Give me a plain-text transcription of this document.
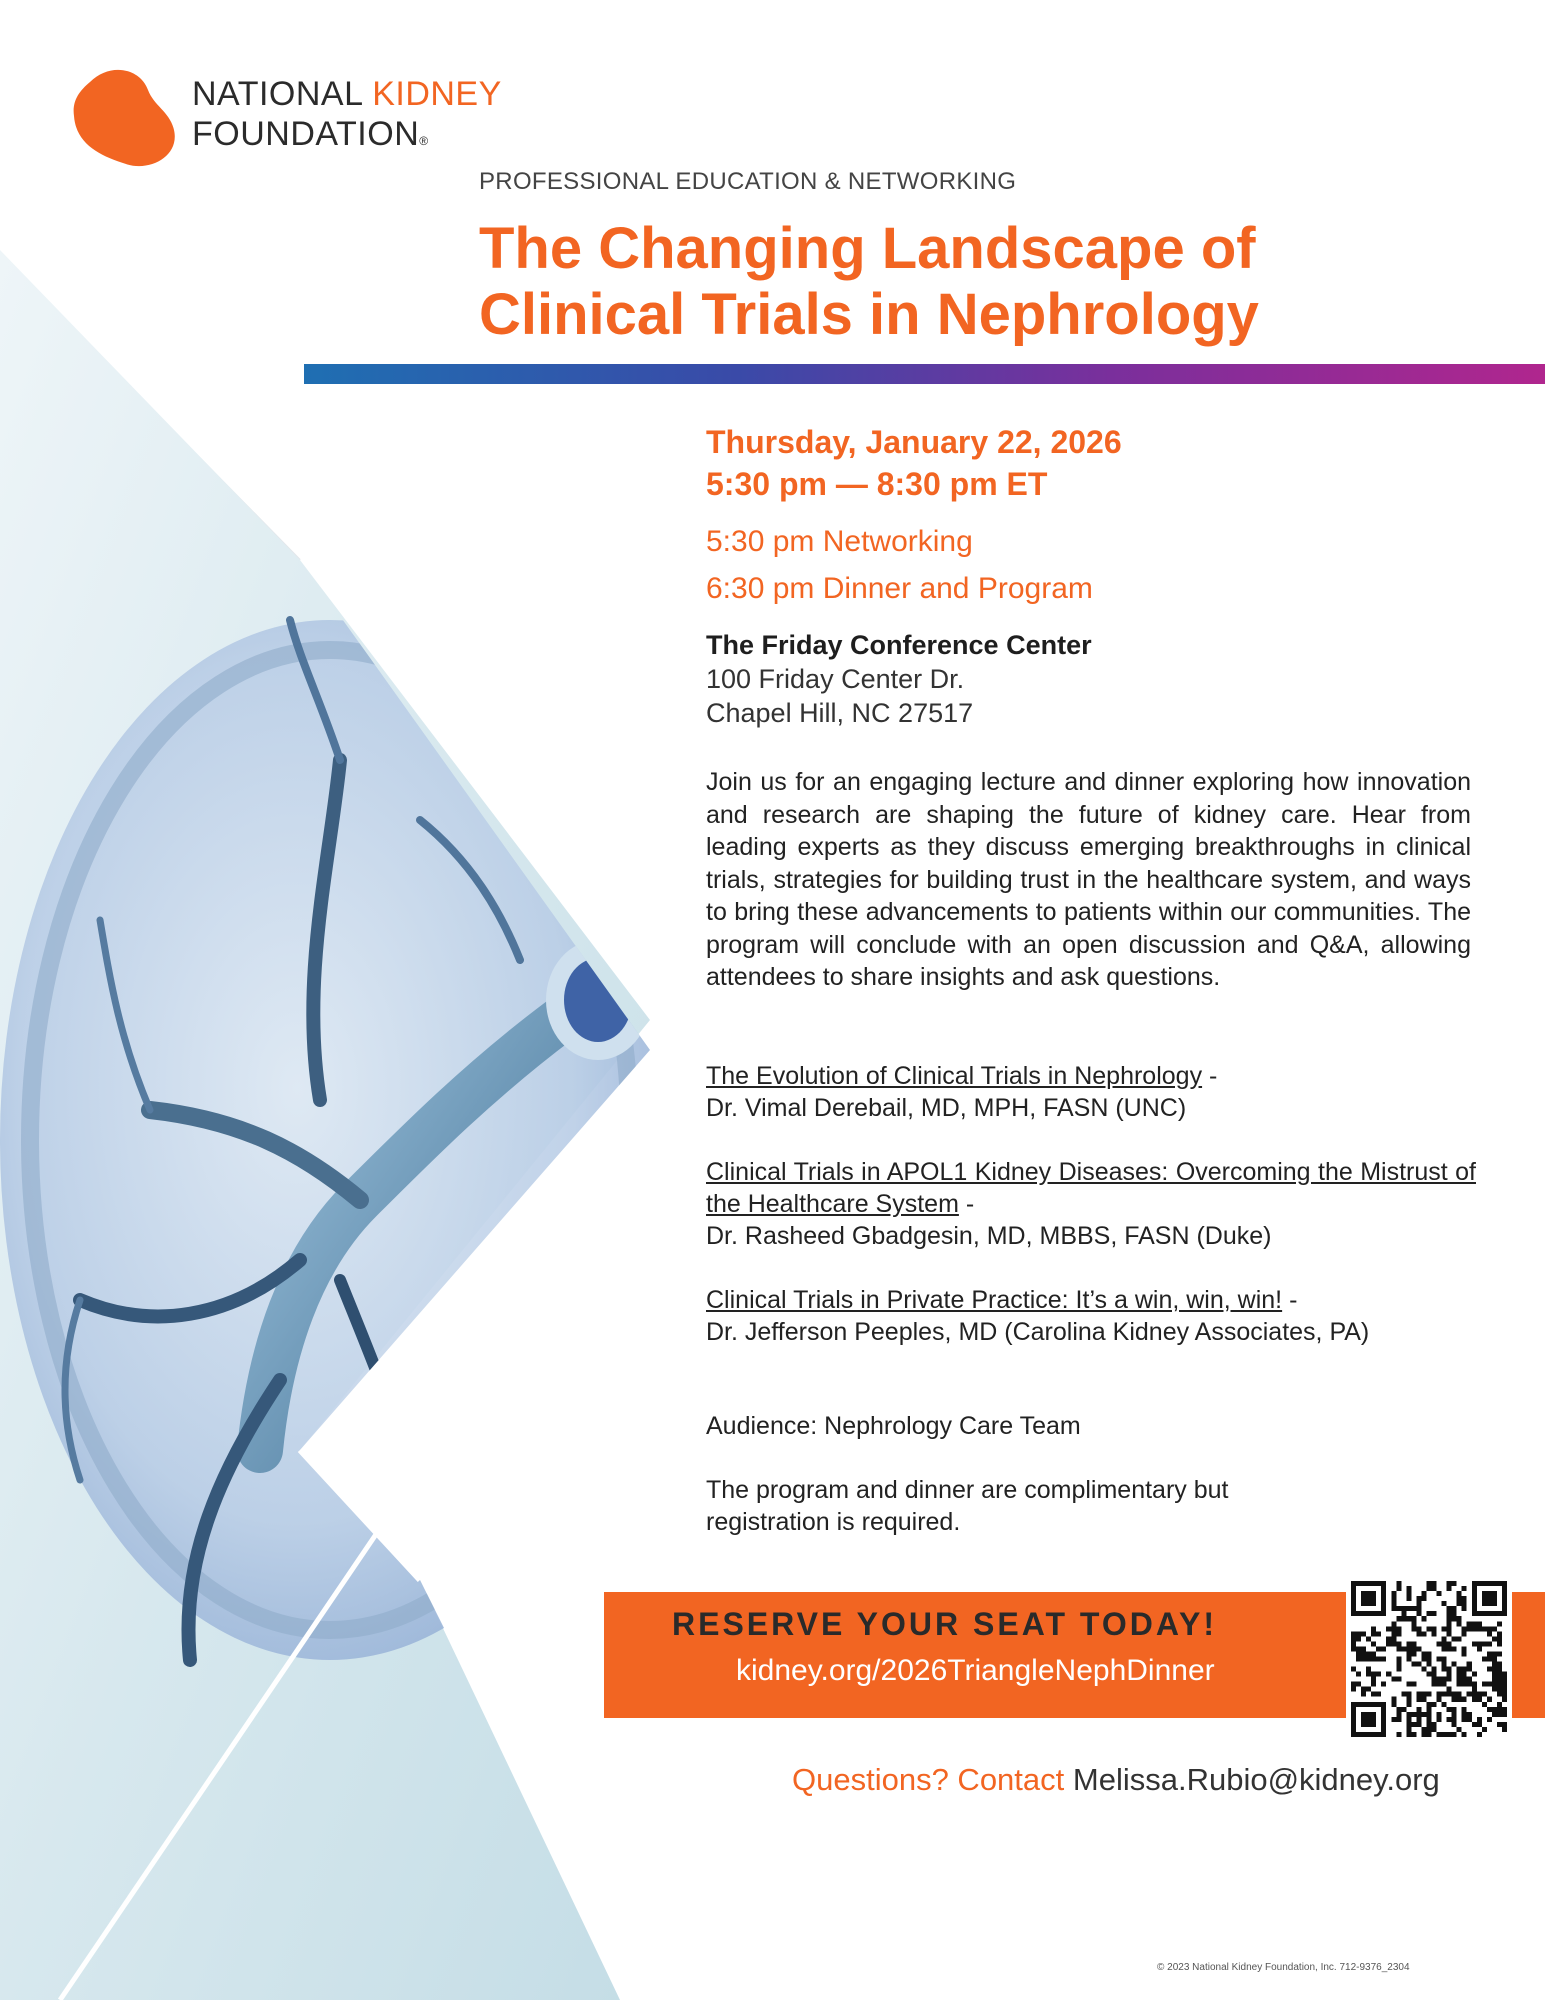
NATIONAL KIDNEY
FOUNDATION®
PROFESSIONAL EDUCATION & NETWORKING
The Changing Landscape of
Clinical Trials in Nephrology
Thursday, January 22, 2026
5:30 pm — 8:30 pm ET
5:30 pm Networking
6:30 pm Dinner and Program
The Friday Conference Center
100 Friday Center Dr.
Chapel Hill, NC 27517

Join us for an engaging lecture and dinner exploring how innovation and research are shaping the future of kidney care. Hear from leading experts as they discuss emerging breakthroughs in clinical trials, strategies for building trust in the healthcare system, and ways to bring these advancements to patients within our communities. The program will conclude with an open discussion and Q&A, allowing attendees to share insights and ask questions.

The Evolution of Clinical Trials in Nephrology -
Dr. Vimal Derebail, MD, MPH, FASN (UNC)
Clinical Trials in APOL1 Kidney Diseases: Overcoming the Mistrust of the Healthcare System -
Dr. Rasheed Gbadgesin, MD, MBBS, FASN (Duke)
Clinical Trials in Private Practice: It’s a win, win, win! -
Dr. Jefferson Peeples, MD (Carolina Kidney Associates, PA)
Audience: Nephrology Care Team
The program and dinner are complimentary but registration is required.
RESERVE YOUR SEAT TODAY!
kidney.org/2026TriangleNephDinner
Questions? Contact Melissa.Rubio@kidney.org
© 2023 National Kidney Foundation, Inc. 712-9376_2304
